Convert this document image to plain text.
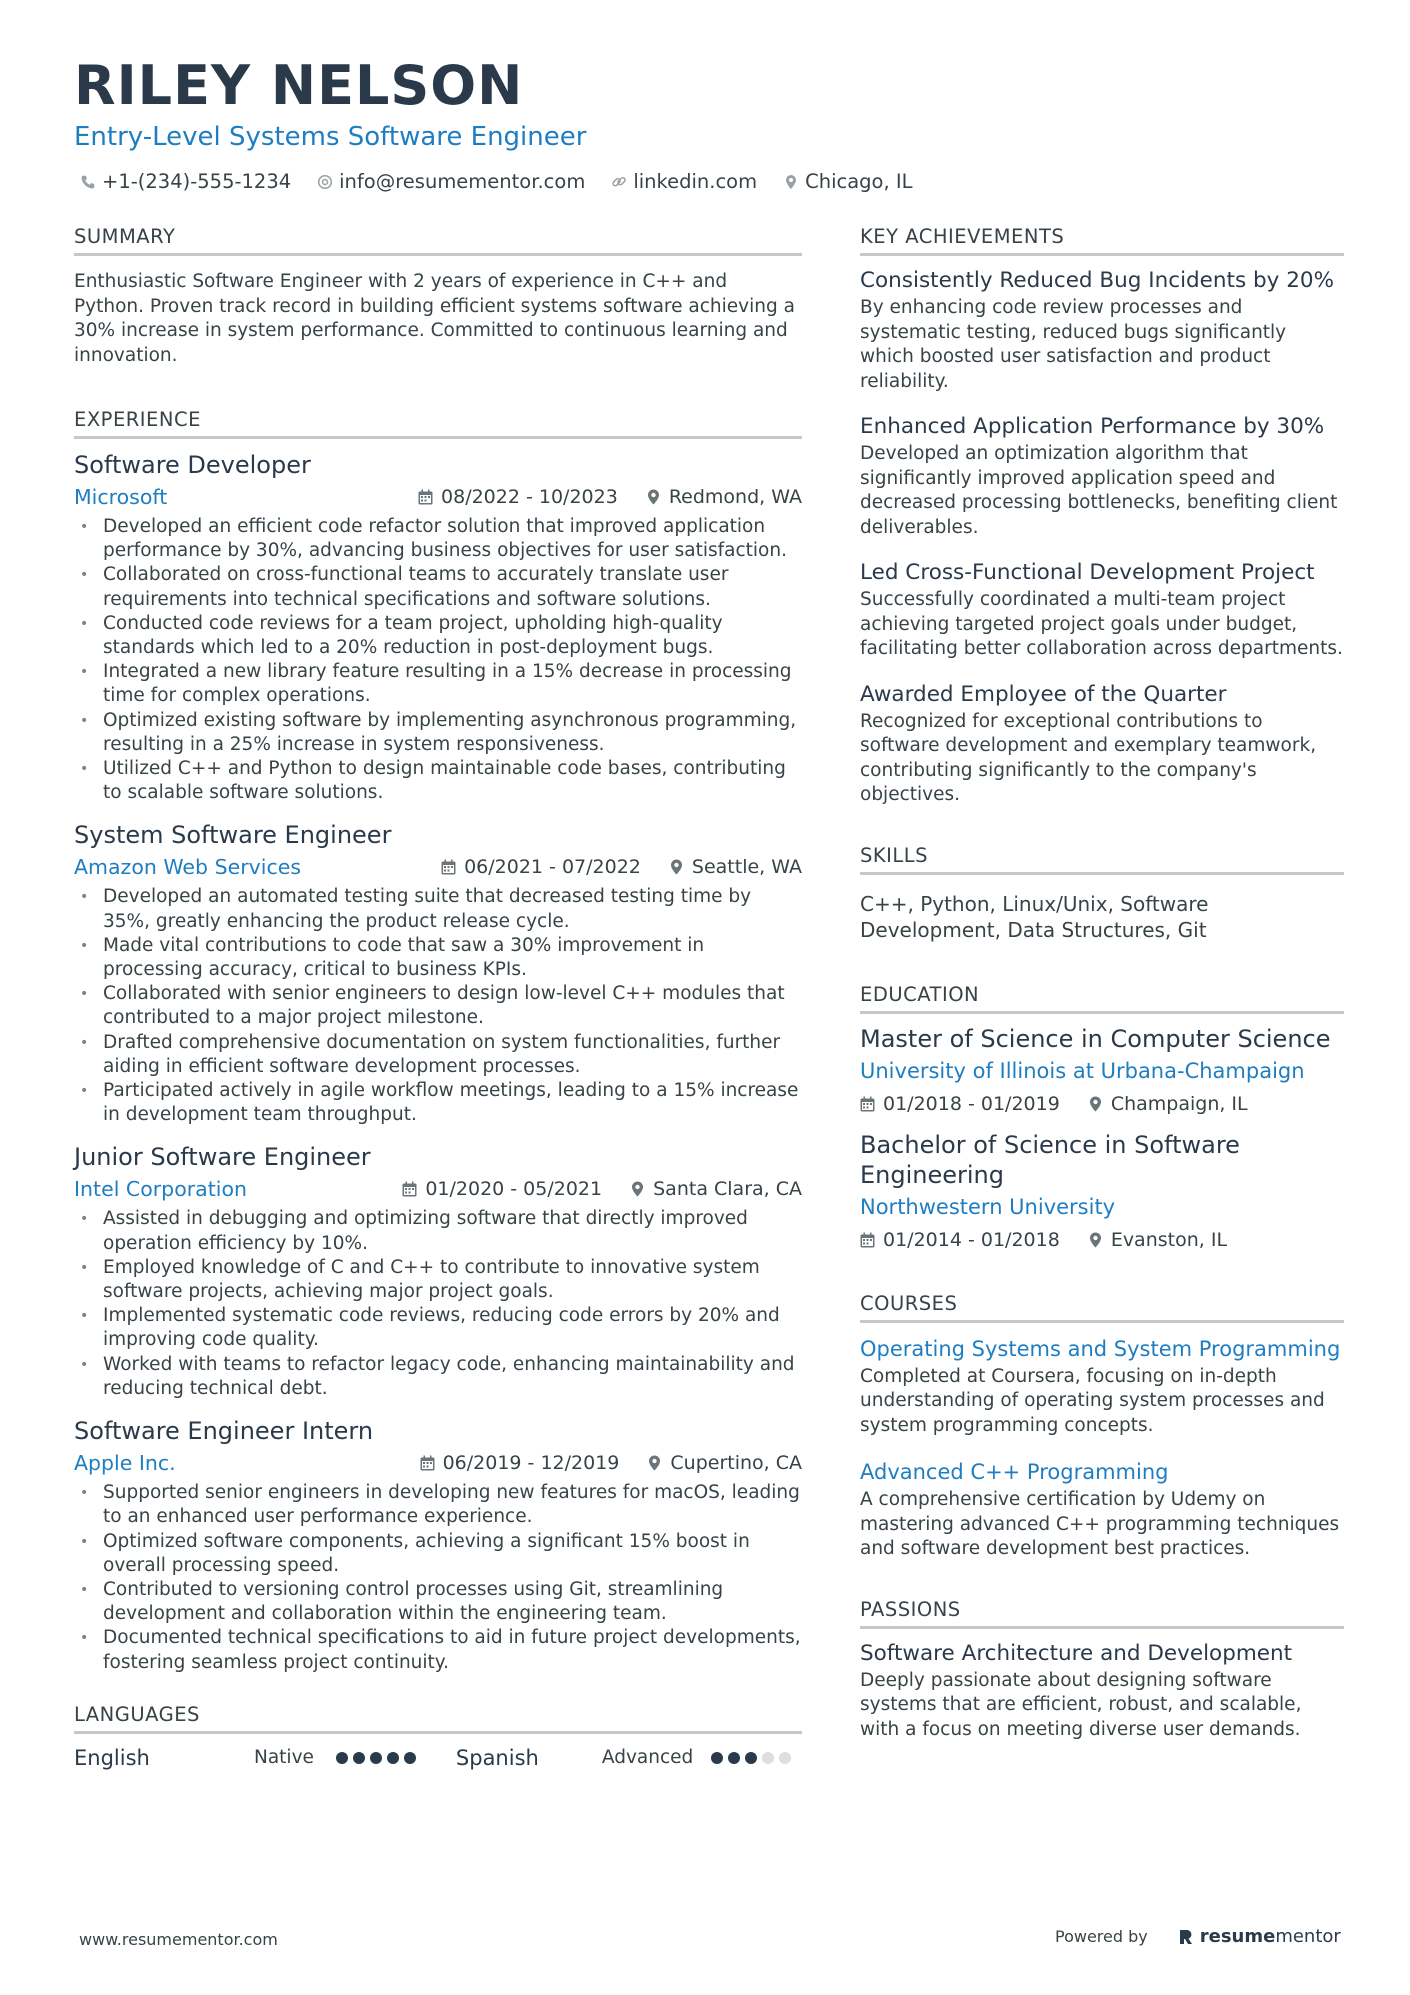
RILEY NELSON
Entry-Level Systems Software Engineer
+1-(234)-555-1234 info@resumementor.com linkedin.com Chicago, IL
SUMMARY

Enthusiastic Software Engineer with 2 years of experience in C++ and Python. Proven track record in building efficient systems software achieving a 30% increase in system performance. Committed to continuous learning and innovation.

EXPERIENCE
Software Developer
Microsoft	08/2022 - 10/2023	Redmond, WA
• Developed an efficient code refactor solution that improved application performance by 30%, advancing business objectives for user satisfaction.
• Collaborated on cross-functional teams to accurately translate user requirements into technical specifications and software solutions.
• Conducted code reviews for a team project, upholding high-quality standards which led to a 20% reduction in post-deployment bugs.
• Integrated a new library feature resulting in a 15% decrease in processing time for complex operations.
• Optimized existing software by implementing asynchronous programming, resulting in a 25% increase in system responsiveness.
• Utilized C++ and Python to design maintainable code bases, contributing to scalable software solutions.
System Software Engineer
Amazon Web Services	06/2021 - 07/2022	Seattle, WA
• Developed an automated testing suite that decreased testing time by 35%, greatly enhancing the product release cycle.
• Made vital contributions to code that saw a 30% improvement in processing accuracy, critical to business KPIs.
• Collaborated with senior engineers to design low-level C++ modules that contributed to a major project milestone.
• Drafted comprehensive documentation on system functionalities, further aiding in efficient software development processes.
• Participated actively in agile workflow meetings, leading to a 15% increase in development team throughput.
Junior Software Engineer
Intel Corporation	01/2020 - 05/2021	Santa Clara, CA
• Assisted in debugging and optimizing software that directly improved operation efficiency by 10%.
• Employed knowledge of C and C++ to contribute to innovative system software projects, achieving major project goals.
• Implemented systematic code reviews, reducing code errors by 20% and improving code quality.
• Worked with teams to refactor legacy code, enhancing maintainability and reducing technical debt.
Software Engineer Intern
Apple Inc.	06/2019 - 12/2019	Cupertino, CA
• Supported senior engineers in developing new features for macOS, leading to an enhanced user performance experience.
• Optimized software components, achieving a significant 15% boost in overall processing speed.
• Contributed to versioning control processes using Git, streamlining development and collaboration within the engineering team.
• Documented technical specifications to aid in future project developments, fostering seamless project continuity.
LANGUAGES
English	Native	Spanish	Advanced
KEY ACHIEVEMENTS
Consistently Reduced Bug Incidents by 20%

By enhancing code review processes and systematic testing, reduced bugs significantly which boosted user satisfaction and product reliability.

Enhanced Application Performance by 30%

Developed an optimization algorithm that significantly improved application speed and decreased processing bottlenecks, benefiting client deliverables.

Led Cross-Functional Development Project

Successfully coordinated a multi-team project achieving targeted project goals under budget, facilitating better collaboration across departments.

Awarded Employee of the Quarter

Recognized for exceptional contributions to software development and exemplary teamwork, contributing significantly to the company's objectives.

SKILLS

C++, Python, Linux/Unix, Software Development, Data Structures, Git

EDUCATION
Master of Science in Computer Science
University of Illinois at Urbana-Champaign
01/2018 - 01/2019	Champaign, IL
Bachelor of Science in Software Engineering
Northwestern University
01/2014 - 01/2018	Evanston, IL
COURSES
Operating Systems and System Programming

Completed at Coursera, focusing on in-depth understanding of operating system processes and system programming concepts.

Advanced C++ Programming

A comprehensive certification by Udemy on mastering advanced C++ programming techniques and software development best practices.

PASSIONS
Software Architecture and Development

Deeply passionate about designing software systems that are efficient, robust, and scalable, with a focus on meeting diverse user demands.

www.resumementor.com	Powered by	resumementor
